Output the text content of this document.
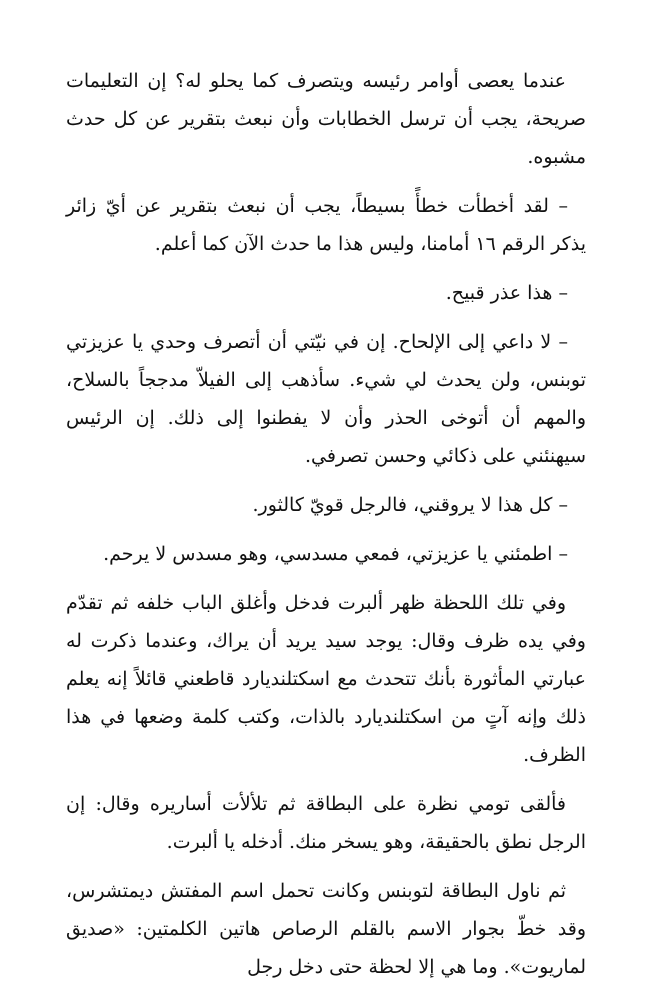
عندما يعصى أوامر رئيسه ويتصرف كما يحلو له؟ إن التعليمات صريحة، يجب أن ترسل الخطابات وأن نبعث بتقرير عن كل حدث مشبوه.

– لقد أخطأت خطأً بسيطاً، يجب أن نبعث بتقرير عن أيّ زائر يذكر الرقم ١٦ أمامنا، وليس هذا ما حدث الآن كما أعلم.

– هذا عذر قبيح.

– لا داعي إلى الإلحاح. إن في نيّتي أن أتصرف وحدي يا عزيزتي توبنس، ولن يحدث لي شيء. سأذهب إلى الفيلاّ مدججاً بالسلاح، والمهم أن أتوخى الحذر وأن لا يفطنوا إلى ذلك. إن الرئيس سيهنئني على ذكائي وحسن تصرفي.

– كل هذا لا يروقني، فالرجل قويّ كالثور.

– اطمئني يا عزيزتي، فمعي مسدسي، وهو مسدس لا يرحم.

وفي تلك اللحظة ظهر ألبرت فدخل وأغلق الباب خلفه ثم تقدّم وفي يده ظرف وقال: يوجد سيد يريد أن يراك، وعندما ذكرت له عبارتي المأثورة بأنك تتحدث مع اسكتلنديارد قاطعني قائلاً إنه يعلم ذلك وإنه آتٍ من اسكتلنديارد بالذات، وكتب كلمة وضعها في هذا الظرف.

فألقى تومي نظرة على البطاقة ثم تلألأت أساريره وقال: إن الرجل نطق بالحقيقة، وهو يسخر منك. أدخله يا ألبرت.

ثم ناول البطاقة لتوبنس وكانت تحمل اسم المفتش ديمتشرس، وقد خطّ بجوار الاسم بالقلم الرصاص هاتين الكلمتين: «صديق لماريوت». وما هي إلا لحظة حتى دخل رجل
